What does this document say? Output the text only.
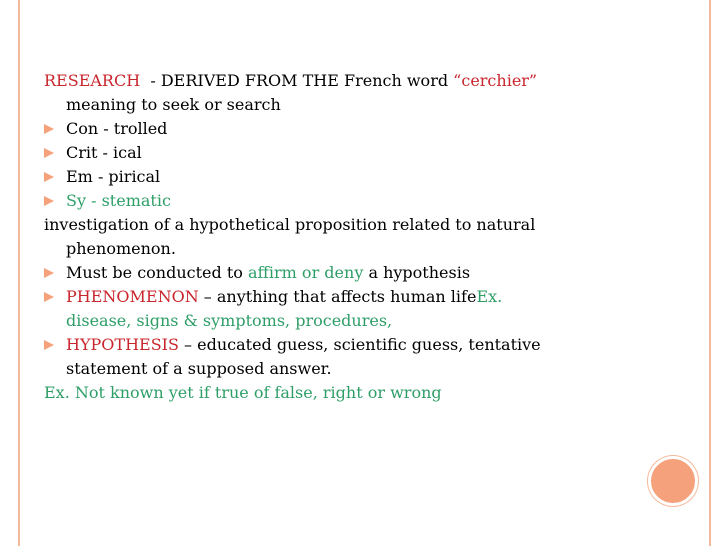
RESEARCH  - DERIVED FROM THE French word “cerchier”
meaning to seek or search
Con - trolled
Crit - ical
Em - pirical
Sy - stematic
investigation of a hypothetical proposition related to natural
phenomenon.
Must be conducted to affirm or deny a hypothesis
PHENOMENON – anything that affects human lifeEx.
disease, signs & symptoms, procedures,
HYPOTHESIS – educated guess, scientific guess, tentative
statement of a supposed answer.
Ex. Not known yet if true of false, right or wrong
